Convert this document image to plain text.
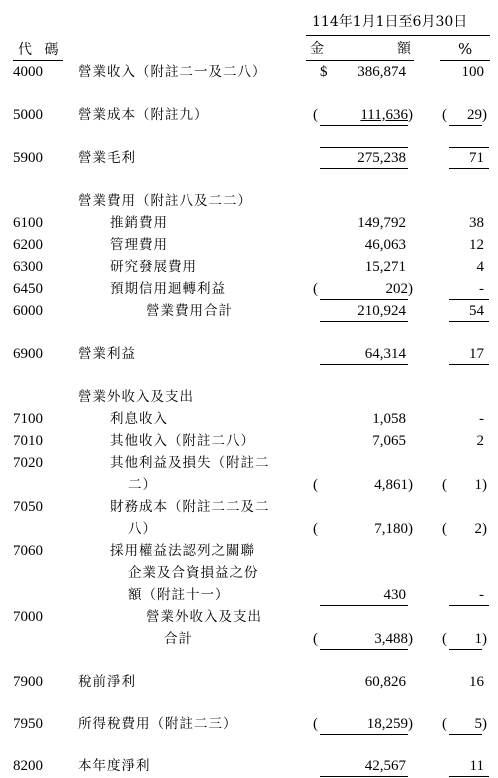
114年1月1日至6月30日
代 碼	金	額	%
4000	營業收入（附註二一及二八）	$ 386,874	100
5000	營業成本（附註九）	(	111,636 ) ( 29 )
5900	營業毛利	275,238	71
營業費用（附註八及二二）
6100	推銷費用	149,792	38
6200	管理費用	46,063	12
6300	研究發展費用	15,271	4
6450	預期信用迴轉利益	(	202 )	-
6000	營業費用合計	210,924	54
6900	營業利益	64,314	17
營業外收入及支出
7100	利息收入	1,058	-
7010	其他收入（附註二八）	7,065	2
7020	其他利益及損失（附註二
二）	(	4,861 ) ( 1 )
7050	財務成本（附註二二及二
八）	(	7,180 ) ( 2 )
7060	採用權益法認列之關聯
企業及合資損益之份
額（附註十一）	430	-
7000	營業外收入及支出
合計	(	3,488 ) ( 1 )
7900	稅前淨利	60,826	16
7950	所得稅費用（附註二三）	(	18,259 ) ( 5 )
8200	本年度淨利	42,567	11
